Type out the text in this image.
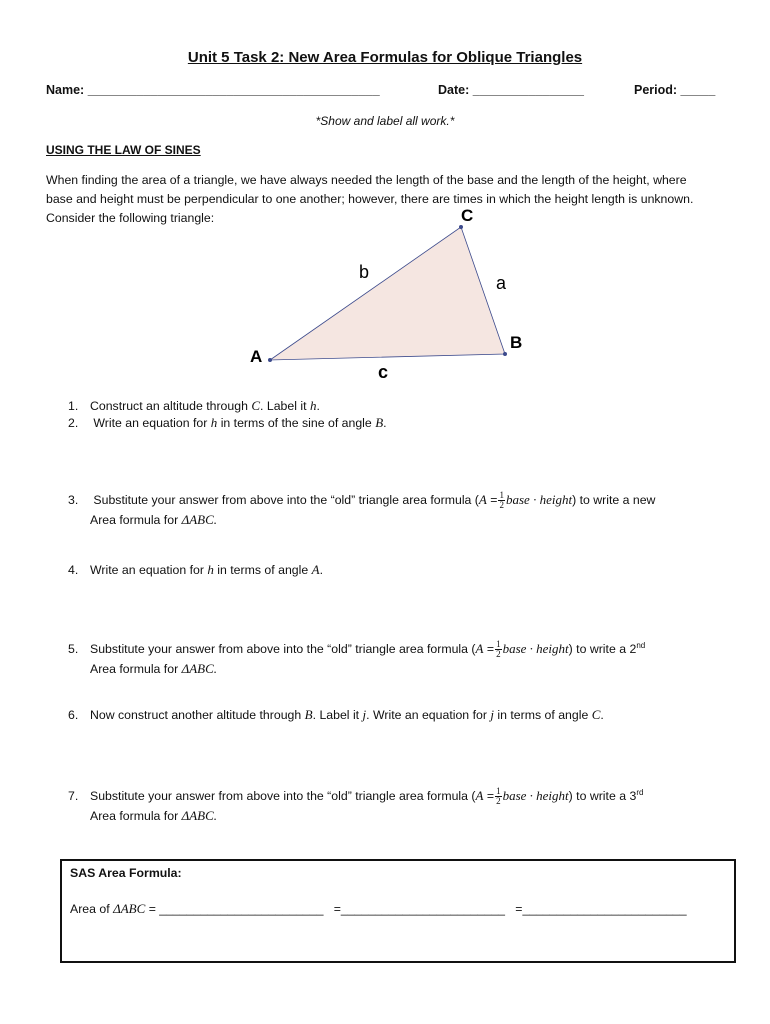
Unit 5 Task 2: New Area Formulas for Oblique Triangles
Name: __________________________________________	Date: ________________	Period: _____
*Show and label all work.*
USING THE LAW OF SINES
When finding the area of a triangle, we have always needed the length of the base and the length of the height, where
base and height must be perpendicular to one another; however, there are times in which the height length is unknown.
Consider the following triangle:
A
B
C
a
b
c
1. Construct an altitude through C. Label it h.
2. Write an equation for h in terms of the sine of angle B.
3. Substitute your answer from above into the “old” triangle area formula ($A = \frac{1}{2}$ base · height) to write a new
Area formula for ΔABC.
4. Write an equation for h in terms of angle A.
5. Substitute your answer from above into the “old” triangle area formula ($A = \frac{1}{2}$ base · height) to write a 2nd
Area formula for ΔABC.
6. Now construct another altitude through B. Label it j. Write an equation for j in terms of angle C.
7. Substitute your answer from above into the “old” triangle area formula ($A = \frac{1}{2}$ base · height) to write a 3rd
Area formula for ΔABC.
SAS Area Formula:
Area of ΔABC = ________________________ =________________________ =________________________
